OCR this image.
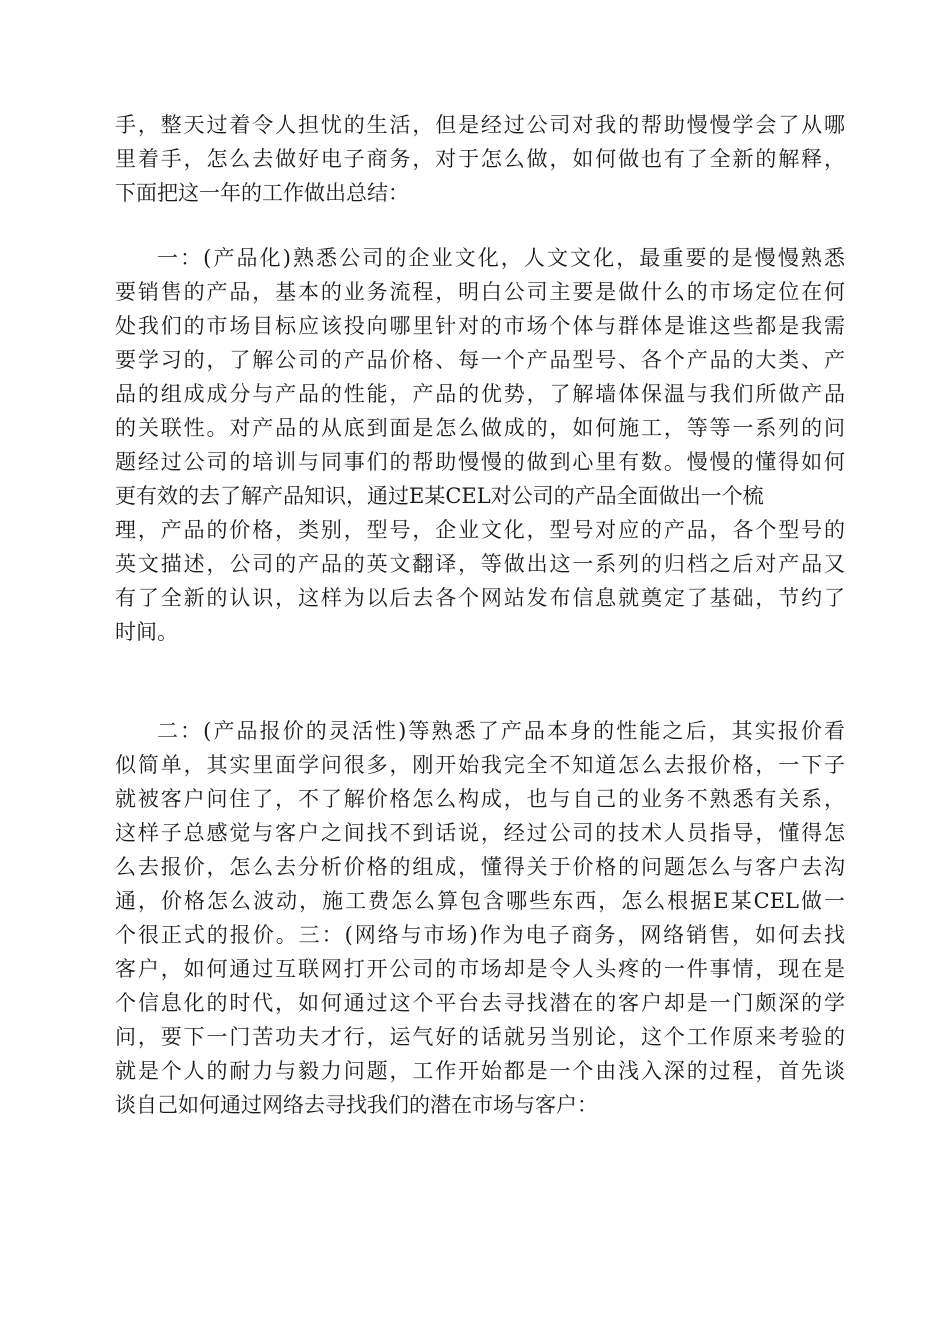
手，整天过着令人担忧的生活，但是经过公司对我的帮助慢慢学会了从哪
里着手，怎么去做好电子商务，对于怎么做，如何做也有了全新的解释，
下面把这一年的工作做出总结：
一：(产品化)熟悉公司的企业文化，人文文化，最重要的是慢慢熟悉
要销售的产品，基本的业务流程，明白公司主要是做什么的市场定位在何
处我们的市场目标应该投向哪里针对的市场个体与群体是谁这些都是我需
要学习的，了解公司的产品价格、每一个产品型号、各个产品的大类、产
品的组成成分与产品的性能，产品的优势，了解墙体保温与我们所做产品
的关联性。对产品的从底到面是怎么做成的，如何施工，等等一系列的问
题经过公司的培训与同事们的帮助慢慢的做到心里有数。慢慢的懂得如何
更有效的去了解产品知识，通过E某CEL对公司的产品全面做出一个梳
理，产品的价格，类别，型号，企业文化，型号对应的产品，各个型号的
英文描述，公司的产品的英文翻译，等做出这一系列的归档之后对产品又
有了全新的认识，这样为以后去各个网站发布信息就奠定了基础，节约了
时间。
二：(产品报价的灵活性)等熟悉了产品本身的性能之后，其实报价看
似简单，其实里面学问很多，刚开始我完全不知道怎么去报价格，一下子
就被客户问住了，不了解价格怎么构成，也与自己的业务不熟悉有关系，
这样子总感觉与客户之间找不到话说，经过公司的技术人员指导，懂得怎
么去报价，怎么去分析价格的组成，懂得关于价格的问题怎么与客户去沟
通，价格怎么波动，施工费怎么算包含哪些东西，怎么根据E某CEL做一
个很正式的报价。三：(网络与市场)作为电子商务，网络销售，如何去找
客户，如何通过互联网打开公司的市场却是令人头疼的一件事情，现在是
个信息化的时代，如何通过这个平台去寻找潜在的客户却是一门颇深的学
问，要下一门苦功夫才行，运气好的话就另当别论，这个工作原来考验的
就是个人的耐力与毅力问题，工作开始都是一个由浅入深的过程，首先谈
谈自己如何通过网络去寻找我们的潜在市场与客户：
